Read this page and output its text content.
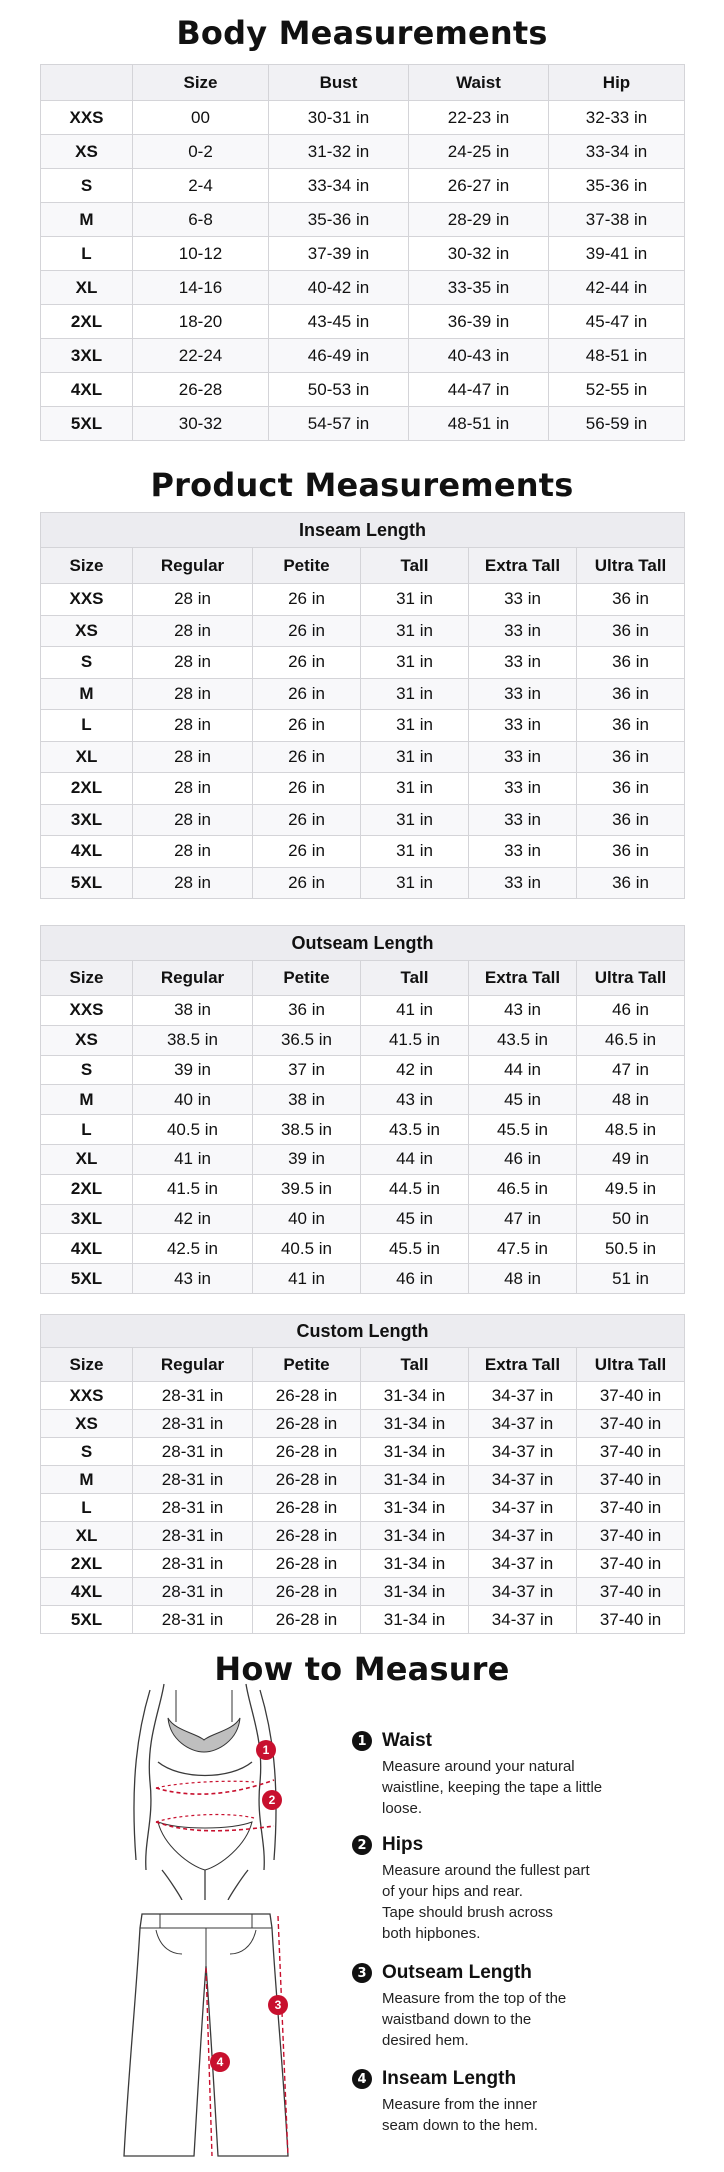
Body Measurements
	Size	Bust	Waist	Hip
XXS	00	30-31 in	22-23 in	32-33 in
XS	0-2	31-32 in	24-25 in	33-34 in
S	2-4	33-34 in	26-27 in	35-36 in
M	6-8	35-36 in	28-29 in	37-38 in
L	10-12	37-39 in	30-32 in	39-41 in
XL	14-16	40-42 in	33-35 in	42-44 in
2XL	18-20	43-45 in	36-39 in	45-47 in
3XL	22-24	46-49 in	40-43 in	48-51 in
4XL	26-28	50-53 in	44-47 in	52-55 in
5XL	30-32	54-57 in	48-51 in	56-59 in
Product Measurements
Inseam Length					
Size	Regular	Petite	Tall	Extra Tall	Ultra Tall
XXS	28 in	26 in	31 in	33 in	36 in
XS	28 in	26 in	31 in	33 in	36 in
S	28 in	26 in	31 in	33 in	36 in
M	28 in	26 in	31 in	33 in	36 in
L	28 in	26 in	31 in	33 in	36 in
XL	28 in	26 in	31 in	33 in	36 in
2XL	28 in	26 in	31 in	33 in	36 in
3XL	28 in	26 in	31 in	33 in	36 in
4XL	28 in	26 in	31 in	33 in	36 in
5XL	28 in	26 in	31 in	33 in	36 in
Outseam Length					
Size	Regular	Petite	Tall	Extra Tall	Ultra Tall
XXS	38 in	36 in	41 in	43 in	46 in
XS	38.5 in	36.5 in	41.5 in	43.5 in	46.5 in
S	39 in	37 in	42 in	44 in	47 in
M	40 in	38 in	43 in	45 in	48 in
L	40.5 in	38.5 in	43.5 in	45.5 in	48.5 in
XL	41 in	39 in	44 in	46 in	49 in
2XL	41.5 in	39.5 in	44.5 in	46.5 in	49.5 in
3XL	42 in	40 in	45 in	47 in	50 in
4XL	42.5 in	40.5 in	45.5 in	47.5 in	50.5 in
5XL	43 in	41 in	46 in	48 in	51 in
Custom Length					
Size	Regular	Petite	Tall	Extra Tall	Ultra Tall
XXS	28-31 in	26-28 in	31-34 in	34-37 in	37-40 in
XS	28-31 in	26-28 in	31-34 in	34-37 in	37-40 in
S	28-31 in	26-28 in	31-34 in	34-37 in	37-40 in
M	28-31 in	26-28 in	31-34 in	34-37 in	37-40 in
L	28-31 in	26-28 in	31-34 in	34-37 in	37-40 in
XL	28-31 in	26-28 in	31-34 in	34-37 in	37-40 in
2XL	28-31 in	26-28 in	31-34 in	34-37 in	37-40 in
4XL	28-31 in	26-28 in	31-34 in	34-37 in	37-40 in
5XL	28-31 in	26-28 in	31-34 in	34-37 in	37-40 in
How to Measure
1
2
3
4
1 Waist
Measure around your natural
waistline, keeping the tape a little
loose.
2 Hips
Measure around the fullest part
of your hips and rear.
Tape should brush across
both hipbones.
3 Outseam Length
Measure from the top of the
waistband down to the
desired hem.
4 Inseam Length
Measure from the inner
seam down to the hem.
